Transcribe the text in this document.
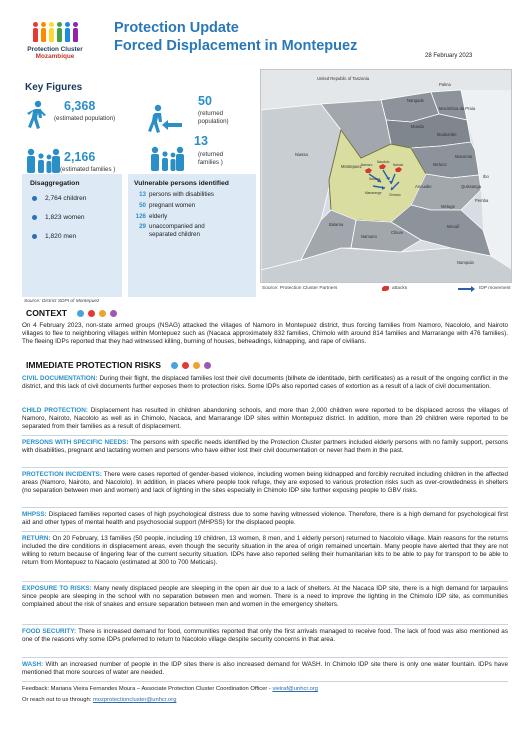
Protection Cluster
Mozambique
Protection Update
Forced Displacement in Montepuez
28 February 2023
Key Figures
6,368
(estimated population)
2,166
(estimated families )
50
(returned population)
13
(returned families )
Disaggregation
2,764 children
1,823 women
1,820 men
Vulnerable persons identified
13 persons with disabilities
50 pregnant women
126 elderly
29 unaccompanied and separated children
Source: District SDPI of Montepuez
United Republic of Tanzania
Palma
Nangade
Mocimboa da Praia
Mueda
Muidumbe
Macomia
Meluco
Quissanga
Ibo
Montepuez
Ancuabe
Metuge
Pemba
Chiure
Mecufi
Balama
Namuno
Niassa
Nampula
Nacaca
Namoro
Nacololo
Nairoto
Marrarange Chimolo
Source: Protection Cluster Partners	attacks	IDP movement
CONTEXT
On 4 February 2023, non-state armed groups (NSAG) attacked the villages of Namoro in Montepuez district, thus forcing families from Namoro, Nacololo, and Nairoto villages to flee to neighboring villages within Montepuez such as (Nacaca approximately 832 families, Chimolo with around 814 families and Marrarange with 476 families). The fleeing IDPs reported that they had witnessed killing, burning of houses, beheadings, kidnapping, and rape of civilians.
IMMEDIATE PROTECTION RISKS
CIVIL DOCUMENTATION: During their flight, the displaced families lost their civil documents (bilhete de identitade, birth certificates) as a result of the ongoing conflict in the district, and this lack of civil documents further exposes them to protection risks. Some IDPs also reported cases of extortion as a result of a lack of civil documentation.
CHILD PROTECTION: Displacement has resulted in children abandoning schools, and more than 2,000 children were reported to be displaced across the villages of Namoro, Nairoto, Nacololo as well as in Chimolo, Nacaca, and Marrarange IDP sites within Montepuez district. In addition, more than 29 children were reported to be separated from their families as a result of displacement.
PERSONS WITH SPECIFIC NEEDS: The persons with specific needs identified by the Protection Cluster partners included elderly persons with no family support, persons with disabilities, pregnant and lactating women and persons who have either lost their civil documentation or never had them in the past.
PROTECTION INCIDENTS: There were cases reported of gender-based violence, including women being kidnapped and forcibly recruited including children in the affected areas (Namoro, Nairoto, and Nacololo). In addition, in places where people took refuge, they are exposed to various protection risks such as over-crowdedness in shelters (no separation between men and women) and lack of lighting in the sites especially in Chimolo IDP site further exposing people to GBV risks.
MHPSS: Displaced families reported cases of high psychological distress due to some having witnessed violence. Therefore, there is a high demand for psychological first aid and other types of mental health and psychosocial support (MHPSS) for the displaced people.
RETURN: On 20 February, 13 families (50 people, including 19 children, 13 women, 8 men, and 1 elderly person) returned to Nacololo village. Main reasons for the returns included the dire conditions in displacement areas, even though the security situation in the area of origin remained uncertain. Many people have alerted that they are not willing to return because of lingering fear of the current security situation. IDPs have also reported selling their humanitarian kits to be able to pay for transport to be able to return from Montepuez to Nacaolo (estimated at 300 to 700 Meticais).
EXPOSURE TO RISKS: Many newly displaced people are sleeping in the open air due to a lack of shelters. At the Nacaca IDP site, there is a high demand for tarpaulins since people are sleeping in the school with no separation between men and women. There is a need to improve the lighting in the Chimolo IDP site, as communities complained about the risk of snakes and ensure separation between men and women in the emergency shelters.
FOOD SECURITY: There is increased demand for food, communities reported that only the first arrivals managed to receive food. The lack of food was also mentioned as one of the reasons why some IDPs preferred to return to Nacololo village despite security concerns in that area.
WASH: With an increased number of people in the IDP sites there is also increased demand for WASH. In Chimolo IDP site there is only one water fountain. IDPs have mentioned that more sources of water are needed.
Feedback: Mariana Vieira Fernandes Moura – Associate Protection Cluster Coordination Officer - vieiraf@unhcr.org
Or reach out to us through: mozprotectioncluster@unhcr.org
